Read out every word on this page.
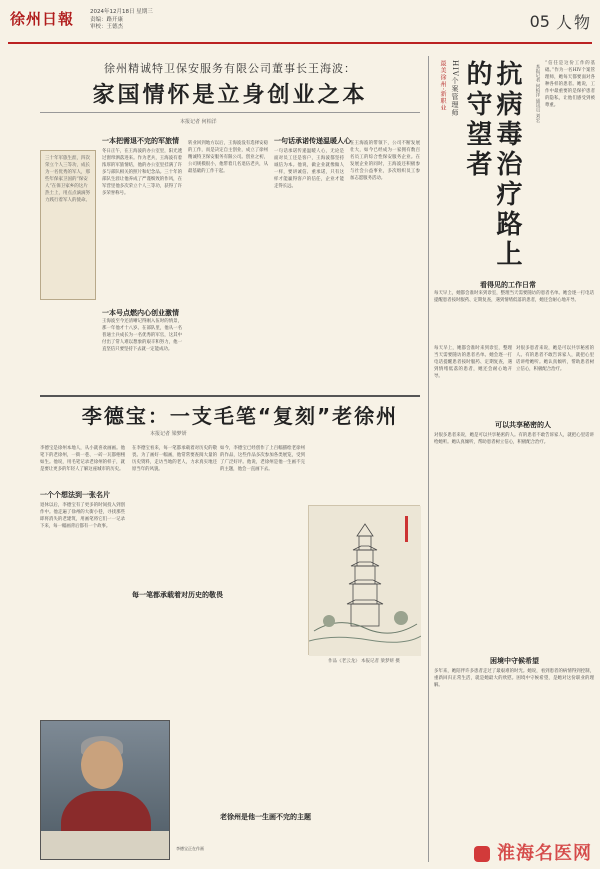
徐州日報	2024年12月18日 星期三
责编：路开康
审校：王德杰	05 人物
徐州精诚特卫保安服务有限公司董事长王海波：
家国情怀是立身创业之本
本报记者 何柏洋
三十年军旅生涯，四次荣立个人三等功，成长为一名优秀的军人，那些年保家卫国的“保安人”在保卫家乡的这片热土上，用点点滴滴努力践行着军人的使命。
一本把需退不完的军旅情
冬日正午，在王海波的办公室里，阳光透过窗帘洒落进来。作为老兵，王海波有着浓厚的军旅情结，他的办公室里挂满了许多与部队相关的照片和纪念品。三十年的部队生涯让他养成了严谨细致的作风，在军营里他多次荣立个人三等功，获得了许多荣誉称号。
王海波至今还清晰记得刚入伍时的情景，那一年他才十八岁。在部队里，他从一名普通士兵成长为一名优秀的军官，这其中付出了常人难以想象的艰辛和努力，他一直坚信只要坚持下去就一定能成功。
一本号点燃内心创业激情
转业回到地方以后，王海波没有选择安稳的工作，而是决定自主创业，成立了徐州精诚特卫保安服务有限公司。创业之初，公司规模很小，他带着几名退伍老兵，从最基础的工作干起。
一句话承诺传递温暖人心
一句话承诺传递温暖人心，无论是面对员工还是客户，王海波都坚持诚信为本。他说，做企业就像做人一样，要讲诚信、重承诺，只有这样才能赢得客户的信任，企业才能走得长远。
在王海波的带领下，公司不断发展壮大，如今已经成为一家拥有数百名员工的综合性保安服务企业。在发展企业的同时，王海波还积极参与社会公益事业，多次组织员工参加志愿服务活动。
李德宝：一支毛笔“复刻”老徐州
本报记者 梁梦妍
李德宝是徐州本地人，从小就喜欢画画。他笔下的老徐州，一街一巷、一砖一瓦都栩栩如生。他说，用毛笔记录老徐州的样子，就是要让更多的年轻人了解这座城市的历史。
一个个想法到一张名片
退休以后，李德宝有了更多的时间投入到创作中。他走遍了徐州的大街小巷，寻找那些即将消失的老建筑，用画笔将它们一一记录下来，每一幅画背后都有一个故事。
在李德宝看来，每一笔都承载着对历史的敬畏。为了画好一幅画，他常常要查阅大量的历史资料，走访当地的老人，力求真实地还原当年的风貌。
每一笔都承载着对历史的敬畏
如今，李德宝已经创作了上百幅描绘老徐州的作品，这些作品多次参加各类展览，受到了广泛好评。他说，老徐州是他一生画不完的主题，他会一直画下去。
老徐州是他一生画不完的主题
作品《老云龙》 本报记者 梁梦妍 摄
李德宝正在作画
最美徐州·新职业 HIV个案管理师	抗病毒治疗路上的守望者	本报记者 何柏洋 通讯员 刘宏
“信任是这份工作的基础。”作为一名HIV个案管理师，她每天都要面对各种各样的患者。她说，工作中最重要的是保护患者的隐私，让他们感受到被尊重。
每天早上，她都会准时来到诊室，整理当天需要随访的患者名单。她会逐一打电话提醒患者按时服药、定期复查，遇到情绪低落的患者，她还会耐心地开导。
看得见的工作日常
每天早上，她都会准时来到诊室，整理当天需要随访的患者名单。她会逐一打电话提醒患者按时服药、定期复查，遇到情绪低落的患者，她还会耐心地开导。
对很多患者来说，她是可以共享秘密的人。有的患者不敢告诉家人，就把心里话讲给她听。她认真倾听，帮助患者树立信心，积极配合治疗。
可以共享秘密的人
对很多患者来说，她是可以共享秘密的人。有的患者不敢告诉家人，就把心里话讲给她听。她认真倾听，帮助患者树立信心，积极配合治疗。
困境中守候希望
多年来，她陪伴许多患者走过了最艰难的时光。她说，看到患者的病情得到控制，重新回归正常生活，就是她最大的欣慰。困境中守候希望，是她对这份职业的理解。
淮海名医网
